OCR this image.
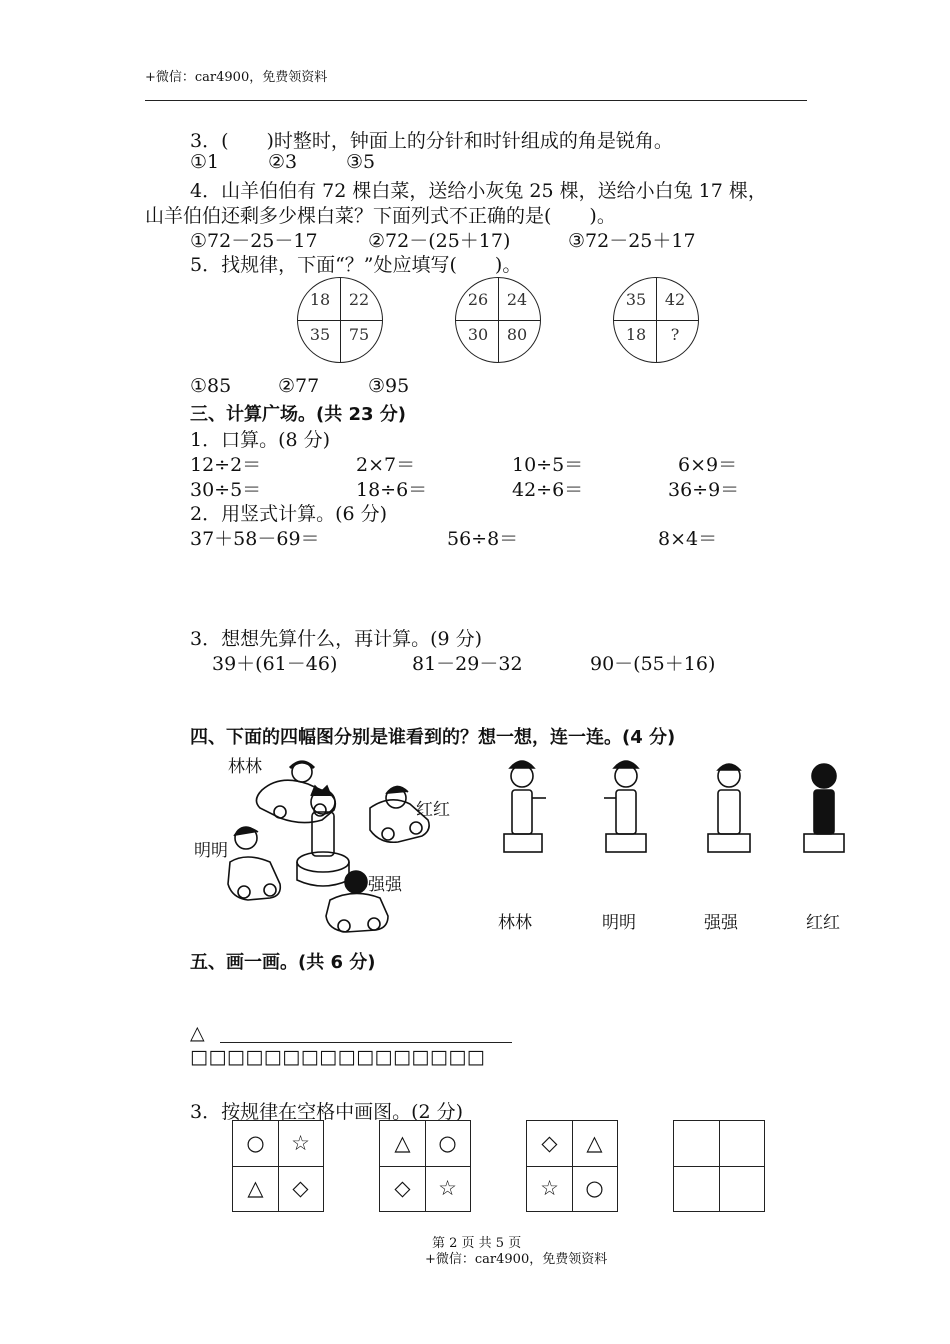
+微信：car4900，免费领资料
3．(　　)时整时，钟面上的分针和时针组成的角是锐角。
①1	②3	③5
4．山羊伯伯有 72 棵白菜，送给小灰兔 25 棵，送给小白兔 17 棵，
山羊伯伯还剩多少棵白菜？下面列式不正确的是(　　)。
①72－25－17	②72－(25＋17)	③72－25＋17
5．找规律，下面“？”处应填写(　　)。
18	22
35	75
26	24
30	80
35	42
18	?
①85 ②77	③95
三、计算广场。(共 23 分)
1．口算。(8 分)
12÷2＝	2×7＝	10÷5＝	6×9＝
30÷5＝	18÷6＝	42÷6＝	36÷9＝
2．用竖式计算。(6 分)
37＋58－69＝	56÷8＝	8×4＝
3．想想先算什么，再计算。(9 分)
39＋(61－46)	81－29－32	90－(55＋16)
四、下面的四幅图分别是谁看到的？想一想，连一连。(4 分)
林林
红红
明明
强强
林林	明明	强强	红红
五、画一画。(共 6 分)
△
□□□□□□□□□□□□□□□□
3．按规律在空格中画图。(2 分)
○	☆
△	◇
△	○
◇	☆
◇	△
☆	○
第 2 页 共 5 页
+微信：car4900，免费领资料
